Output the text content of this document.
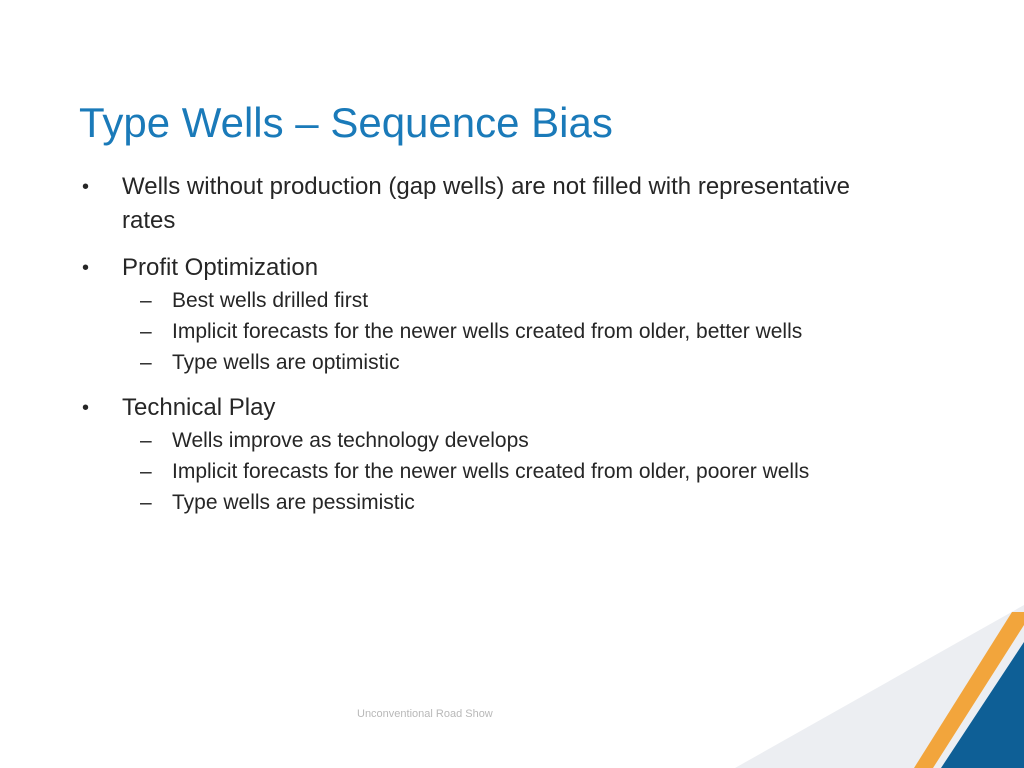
Type Wells – Sequence Bias
• Wells without production (gap wells) are not filled with representative rates
• Profit Optimization
– Best wells drilled first
– Implicit forecasts for the newer wells created from older, better wells
– Type wells are optimistic
• Technical Play
– Wells improve as technology develops
– Implicit forecasts for the newer wells created from older, poorer wells
– Type wells are pessimistic
Unconventional Road Show
